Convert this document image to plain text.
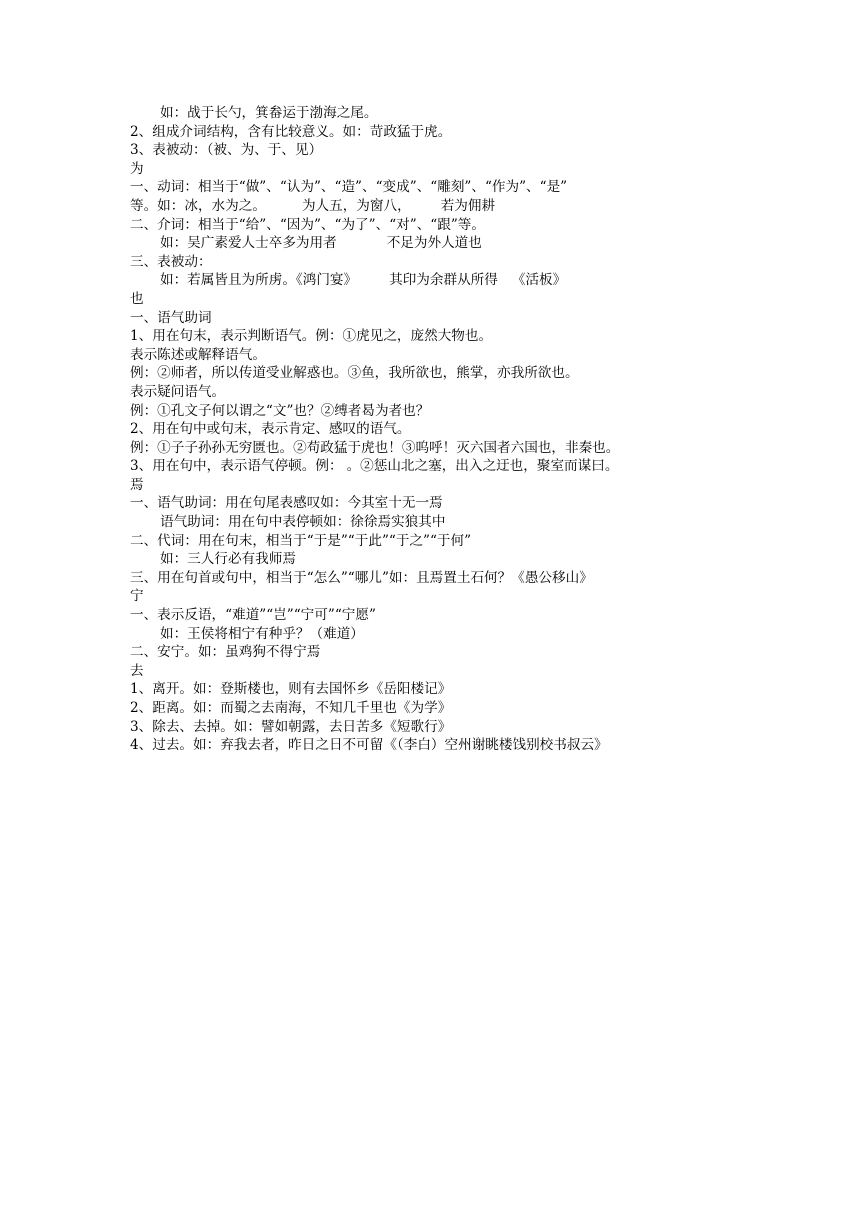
如：战于长勺，箕畚运于渤海之尾。
2、组成介词结构，含有比较意义。如：苛政猛于虎。
3、表被动：（被、为、于、见）
为
一、动词：相当于“做”、“认为”、“造”、“变成”、“雕刻”、“作为”、“是”
等。如：冰，水为之。	为人五，为窗八， 若为佣耕
二、介词：相当于“给”、“因为”、“为了”、“对”、“跟”等。
如：吴广素爱人士卒多为用者	不足为外人道也
三、表被动：
如：若属皆且为所虏。《鸿门宴》 其印为余群从所得 《活板》
也
一、语气助词
1、用在句末，表示判断语气。例：①虎见之，庞然大物也。
表示陈述或解释语气。
例：②师者，所以传道受业解惑也。③鱼，我所欲也，熊掌，亦我所欲也。
表示疑问语气。
例：①孔文子何以谓之“文”也？②缚者曷为者也？
2、用在句中或句末，表示肯定、感叹的语气。
例：①子子孙孙无穷匮也。②苟政猛于虎也！③呜呼！灭六国者六国也，非秦也。
3、用在句中，表示语气停顿。例： 。②惩山北之塞，出入之迂也，聚室而谋曰。
焉
一、语气助词：用在句尾表感叹如：今其室十无一焉
语气助词：用在句中表停顿如：徐徐焉实狼其中
二、代词：用在句末，相当于“于是”“于此”“于之”“于何”
如：三人行必有我师焉
三、用在句首或句中，相当于“怎么”“哪儿”如：且焉置土石何？《愚公移山》
宁
一、表示反语，“难道”“岂”“宁可”“宁愿”
如：王侯将相宁有种乎？（难道）
二、安宁。如：虽鸡狗不得宁焉
去
1、离开。如：登斯楼也，则有去国怀乡《岳阳楼记》
2、距离。如：而蜀之去南海，不知几千里也《为学》
3、除去、去掉。如：譬如朝露，去日苦多《短歌行》
4、过去。如：弃我去者，昨日之日不可留《（李白）空州谢眺楼饯别校书叔云》
